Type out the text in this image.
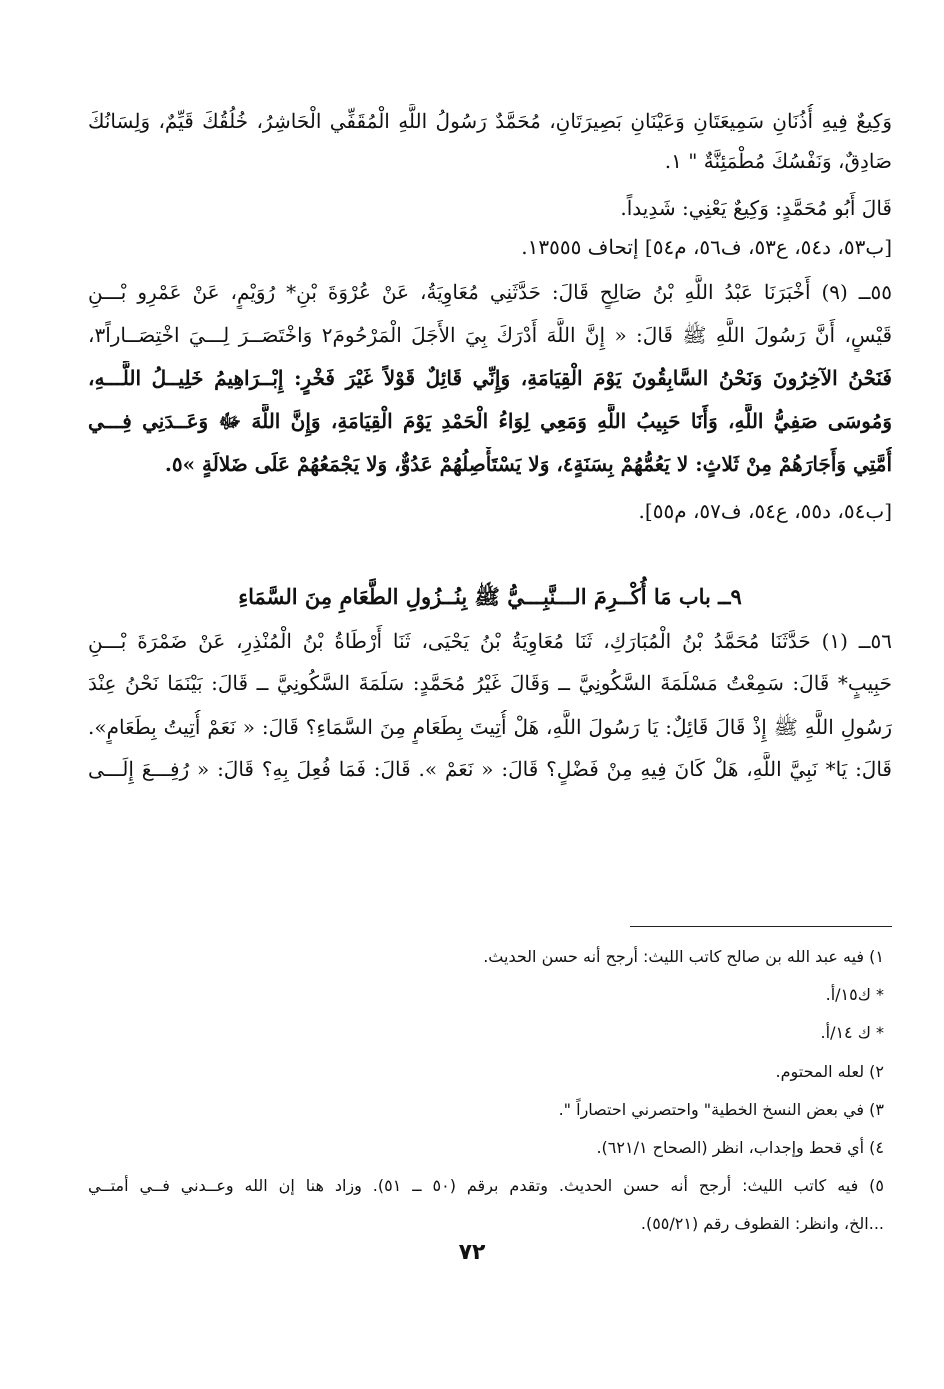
وَكِيعٌ فِيهِ أُذُنَانِ سَمِيعَتَانِ وَعَيْنَانِ بَصِيرَتَانِ، مُحَمَّدٌ رَسُولُ اللَّهِ الْمُقَفِّي الْحَاشِرُ، خُلُقُكَ قَيِّمٌ، وَلِسَانُكَ
صَادِقٌ، وَنَفْسُكَ مُطْمَئِنَّةٌ " ١.
قَالَ أَبُو مُحَمَّدٍ: وَكِيعٌ يَعْنِي: شَدِيداً.
[ب٥٣، د٥٤، ع٥٣، ف٥٦، م٥٤] إتحاف ١٣٥٥٥.
٥٥ــ (٩) أَخْبَرَنَا عَبْدُ اللَّهِ بْنُ صَالِحٍ قَالَ: حَدَّثَنِي مُعَاوِيَةُ، عَنْ عُرْوَةَ بْنِ* رُوَيْمٍ، عَنْ عَمْرِو بْـــنِ
قَيْسٍ، أَنَّ رَسُولَ اللَّهِ ﷺ قَالَ: « إِنَّ اللَّهَ أَدْرَكَ بِيَ الأَجَلَ الْمَرْحُومَ٢ وَاخْتَصَــرَ لِـــيَ اخْتِصَــاراً٣،
فَنَحْنُ الآخِرُونَ وَنَحْنُ السَّابِقُونَ يَوْمَ الْقِيَامَةِ، وَإِنِّي قَائِلٌ قَوْلاً غَيْرَ فَخْرٍ: إِبْــرَاهِيمُ خَلِيــلُ اللَّـــهِ،
وَمُوسَى صَفِيُّ اللَّهِ، وَأَنَا حَبِيبُ اللَّهِ وَمَعِي لِوَاءُ الْحَمْدِ يَوْمَ الْقِيَامَةِ، وَإِنَّ اللَّهَ ﷻ وَعَــدَنِي فِـــي
أُمَّتِي وَأَجَارَهُمْ مِنْ ثَلاثٍ: لا يَعُمُّهُمْ بِسَنَةٍ٤، وَلا يَسْتَأْصِلُهُمْ عَدُوٌّ، وَلا يَجْمَعُهُمْ عَلَى ضَلالَةٍ »٥.
[ب٥٤، د٥٥، ع٥٤، ف٥٧، م٥٥].
٩ــ باب مَا أُكْــرِمَ الـــنَّبِـــيُّ ﷺ بِنُــزُولِ الطَّعَامِ مِنَ السَّمَاءِ
٥٦ــ (١) حَدَّثَنَا مُحَمَّدُ بْنُ الْمُبَارَكِ، ثَنَا مُعَاوِيَةُ بْنُ يَحْيَى، ثَنَا أَرْطَاةُ بْنُ الْمُنْذِرِ، عَنْ ضَمْرَةَ بْـــنِ
حَبِيبٍ* قَالَ: سَمِعْتُ مَسْلَمَةَ السَّكُونِيَّ ــ وَقَالَ غَيْرُ مُحَمَّدٍ: سَلَمَةَ السَّكُونِيَّ ــ قَالَ: بَيْنَمَا نَحْنُ عِنْدَ
رَسُولِ اللَّهِ ﷺ إِذْ قَالَ قَائِلٌ: يَا رَسُولَ اللَّهِ، هَلْ أُتِيتَ بِطَعَامٍ مِنَ السَّمَاءِ؟ قَالَ: « نَعَمْ أُتِيتُ بِطَعَامٍ».
قَالَ: يَا* نَبِيَّ اللَّهِ، هَلْ كَانَ فِيهِ مِنْ فَضْلٍ؟ قَالَ: « نَعَمْ ». قَالَ: فَمَا فُعِلَ بِهِ؟ قَالَ: « رُفِـــعَ إِلَـــى
١) فيه عبد الله بن صالح كاتب الليث: أرجح أنه حسن الحديث.
* ك١٥/أ.
* ك ١٤/أ.
٢) لعله المحتوم.
٣) في بعض النسخ الخطية" واحتصرني احتصاراً ".
٤) أي قحط وإجداب، انظر (الصحاح ٦٢١/١).
٥) فيه كاتب الليث: أرجح أنه حسن الحديث. وتقدم برقم (٥٠ ــ ٥١). وزاد هنا إن الله وعــدني فــي أمتــي
...الخ، وانظر: القطوف رقم (٥٥/٢١).
٧٢
